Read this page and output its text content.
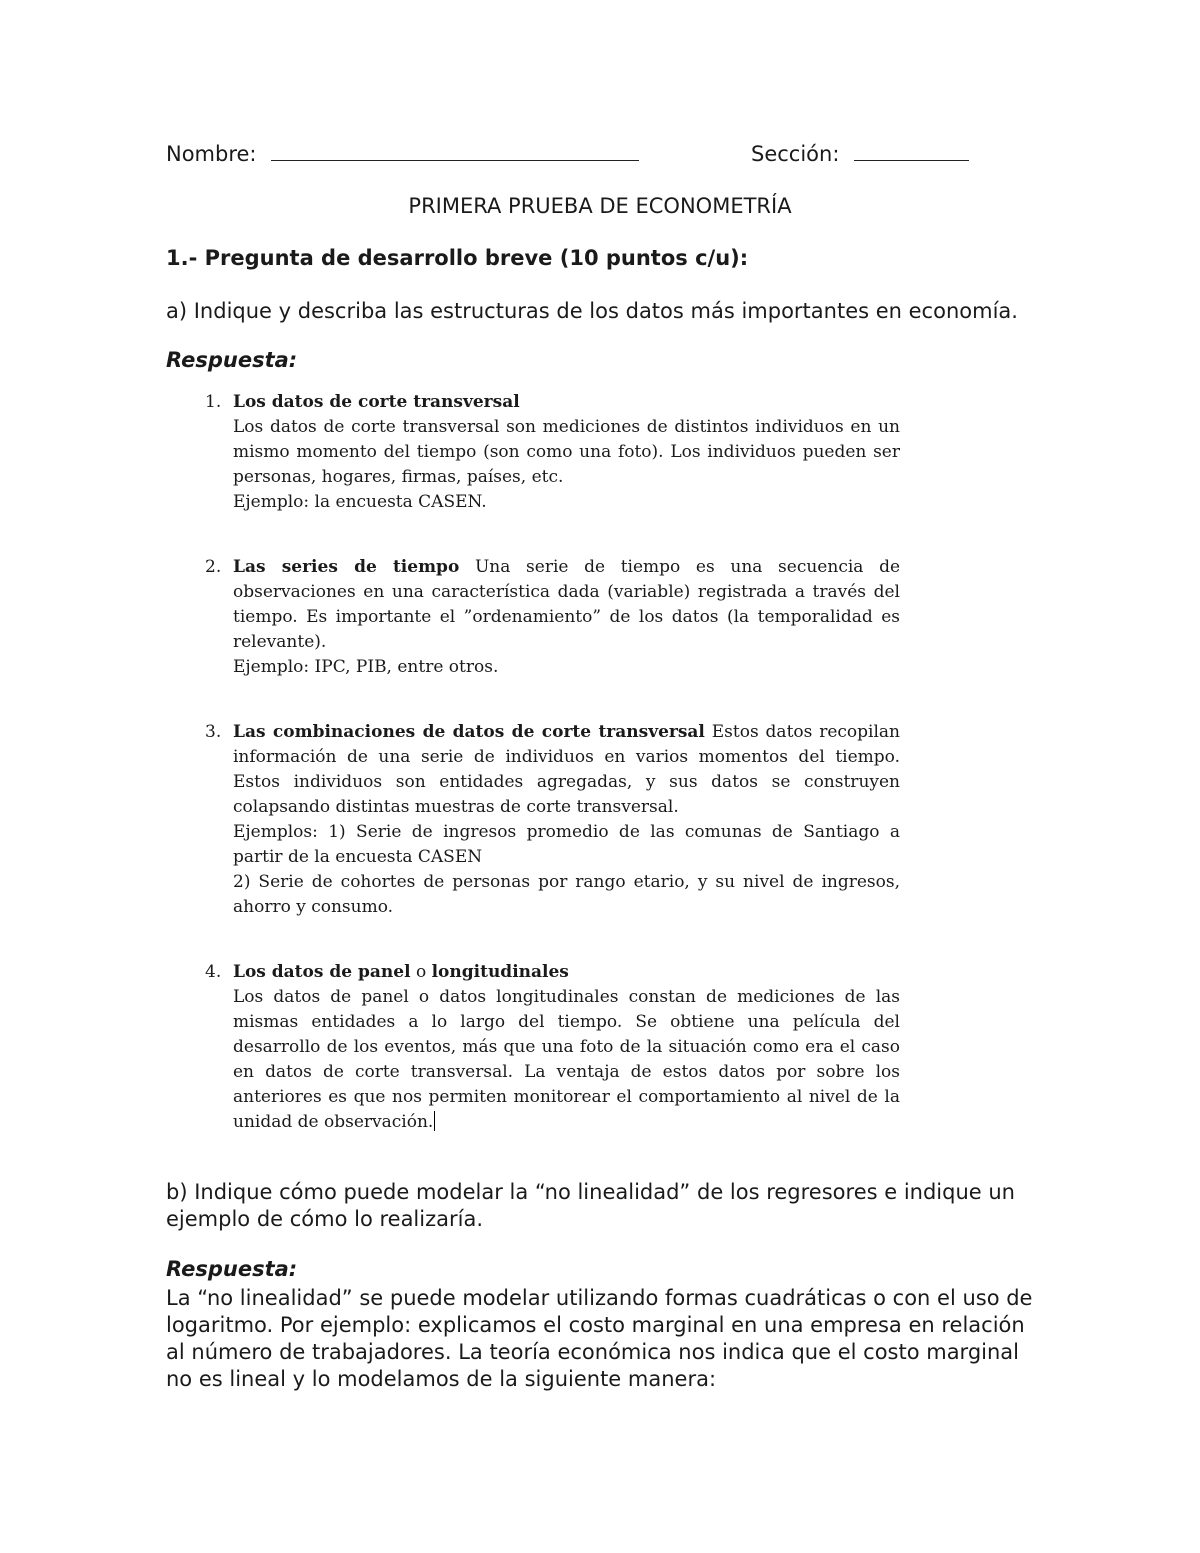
Nombre:	Sección:
PRIMERA PRUEBA DE ECONOMETRÍA
1.- Pregunta de desarrollo breve (10 puntos c/u):
a) Indique y describa las estructuras de los datos más importantes en economía.
Respuesta:
1. Los datos de corte transversal
Los datos de corte transversal son mediciones de distintos individuos en un mismo momento del tiempo (son como una foto). Los individuos pueden ser personas, hogares, firmas, países, etc.
Ejemplo: la encuesta CASEN.
2. Las series de tiempo Una serie de tiempo es una secuencia de observaciones en una característica dada (variable) registrada a través del tiempo. Es importante el ”ordenamiento” de los datos (la temporalidad es relevante).
Ejemplo: IPC, PIB, entre otros.
3. Las combinaciones de datos de corte transversal Estos datos recopilan información de una serie de individuos en varios momentos del tiempo. Estos individuos son entidades agregadas, y sus datos se construyen colapsando distintas muestras de corte transversal.
Ejemplos: 1) Serie de ingresos promedio de las comunas de Santiago a partir de la encuesta CASEN
2) Serie de cohortes de personas por rango etario, y su nivel de ingresos, ahorro y consumo.
4. Los datos de panel o longitudinales
Los datos de panel o datos longitudinales constan de mediciones de las mismas entidades a lo largo del tiempo. Se obtiene una película del desarrollo de los eventos, más que una foto de la situación como era el caso en datos de corte transversal. La ventaja de estos datos por sobre los anteriores es que nos permiten monitorear el comportamiento al nivel de la unidad de observación.
b) Indique cómo puede modelar la “no linealidad” de los regresores e indique un ejemplo de cómo lo realizaría.
Respuesta:
La “no linealidad” se puede modelar utilizando formas cuadráticas o con el uso de logaritmo. Por ejemplo: explicamos el costo marginal en una empresa en relación al número de trabajadores. La teoría económica nos indica que el costo marginal no es lineal y lo modelamos de la siguiente manera:
